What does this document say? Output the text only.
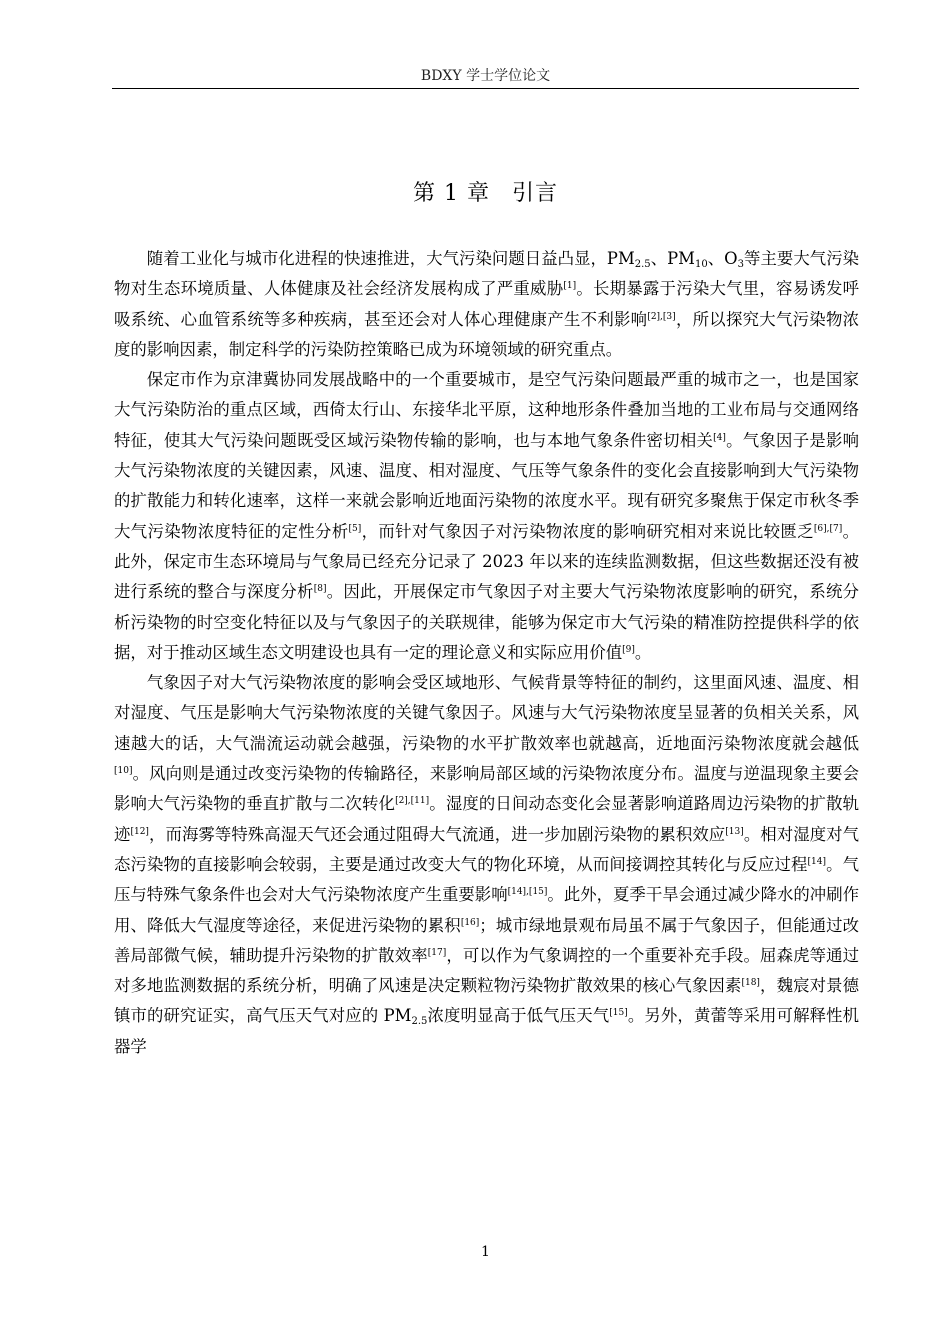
BDXY 学士学位论文
第 1 章 引言

随着工业化与城市化进程的快速推进，大气污染问题日益凸显，$PM_{2.5}$、$PM_{10}$、$O_3$等主要大气污染物对生态环境质量、人体健康及社会经济发展构成了严重威胁[1]。长期暴露于污染大气里，容易诱发呼吸系统、心血管系统等多种疾病，甚至还会对人体心理健康产生不利影响[2],[3]，所以探究大气污染物浓度的影响因素，制定科学的污染防控策略已成为环境领域的研究重点。

保定市作为京津冀协同发展战略中的一个重要城市，是空气污染问题最严重的城市之一，也是国家大气污染防治的重点区域，西倚太行山、东接华北平原，这种地形条件叠加当地的工业布局与交通网络特征，使其大气污染问题既受区域污染物传输的影响，也与本地气象条件密切相关[4]。气象因子是影响大气污染物浓度的关键因素，风速、温度、相对湿度、气压等气象条件的变化会直接影响到大气污染物的扩散能力和转化速率，这样一来就会影响近地面污染物的浓度水平。现有研究多聚焦于保定市秋冬季大气污染物浓度特征的定性分析[5]，而针对气象因子对污染物浓度的影响研究相对来说比较匮乏[6],[7]。此外，保定市生态环境局与气象局已经充分记录了 2023 年以来的连续监测数据，但这些数据还没有被进行系统的整合与深度分析[8]。因此，开展保定市气象因子对主要大气污染物浓度影响的研究，系统分析污染物的时空变化特征以及与气象因子的关联规律，能够为保定市大气污染的精准防控提供科学的依据，对于推动区域生态文明建设也具有一定的理论意义和实际应用价值[9]。

气象因子对大气污染物浓度的影响会受区域地形、气候背景等特征的制约，这里面风速、温度、相对湿度、气压是影响大气污染物浓度的关键气象因子。风速与大气污染物浓度呈显著的负相关关系，风速越大的话，大气湍流运动就会越强，污染物的水平扩散效率也就越高，近地面污染物浓度就会越低[10]。风向则是通过改变污染物的传输路径，来影响局部区域的污染物浓度分布。温度与逆温现象主要会影响大气污染物的垂直扩散与二次转化[2],[11]。湿度的日间动态变化会显著影响道路周边污染物的扩散轨迹[12]，而海雾等特殊高湿天气还会通过阻碍大气流通，进一步加剧污染物的累积效应[13]。相对湿度对气态污染物的直接影响会较弱，主要是通过改变大气的物化环境，从而间接调控其转化与反应过程[14]。气压与特殊气象条件也会对大气污染物浓度产生重要影响[14],[15]。此外，夏季干旱会通过减少降水的冲刷作用、降低大气湿度等途径，来促进污染物的累积[16]；城市绿地景观布局虽不属于气象因子，但能通过改善局部微气候，辅助提升污染物的扩散效率[17]，可以作为气象调控的一个重要补充手段。屈森虎等通过对多地监测数据的系统分析，明确了风速是决定颗粒物污染物扩散效果的核心气象因素[18]，魏宸对景德镇市的研究证实，高气压天气对应的 $PM_{2.5}$浓度明显高于低气压天气[15]。另外，黄蕾等采用可解释性机器学

1
